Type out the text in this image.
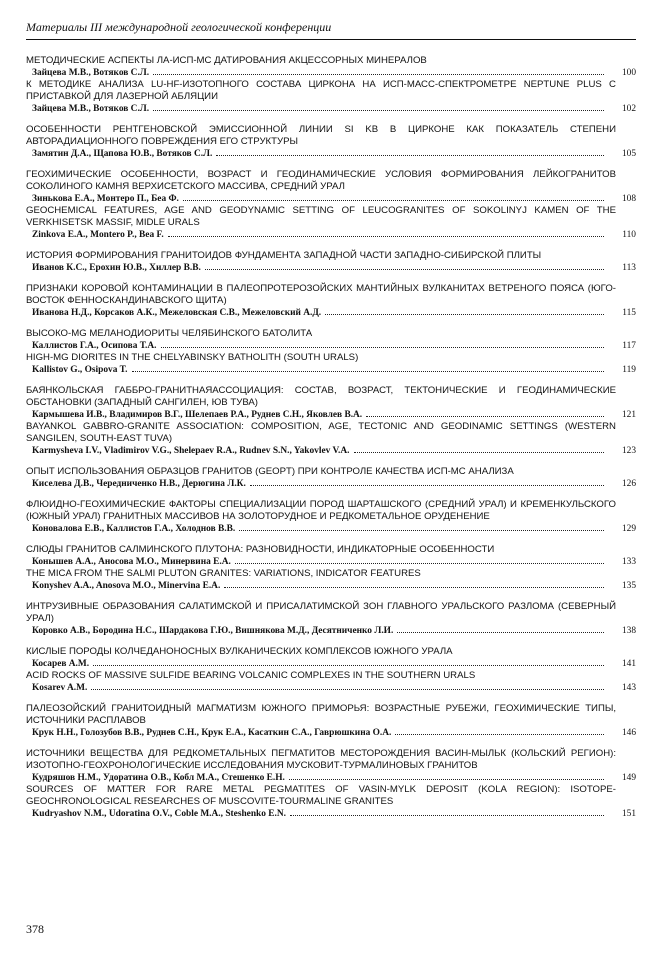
Материалы III международной геологической конференции
МЕТОДИЧЕСКИЕ АСПЕКТЫ ЛА-ИСП-МС ДАТИРОВАНИЯ АКЦЕССОРНЫХ МИНЕРАЛОВ
Зайцева М.В., Вотяков С.Л.	100
К МЕТОДИКЕ АНАЛИЗА LU-HF-ИЗОТОПНОГО СОСТАВА ЦИРКОНА НА ИСП-МАСС-СПЕКТРОМЕТРЕ NEPTUNE PLUS С ПРИСТАВКОЙ ДЛЯ ЛАЗЕРНОЙ АБЛЯЦИИ
Зайцева М.В., Вотяков С.Л.	102
ОСОБЕННОСТИ РЕНТГЕНОВСКОЙ ЭМИССИОННОЙ ЛИНИИ SI KΒ В ЦИРКОНЕ КАК ПОКАЗАТЕЛЬ СТЕПЕНИ АВТОРАДИАЦИОННОГО ПОВРЕЖДЕНИЯ ЕГО СТРУКТУРЫ
Замятин Д.А., Щапова Ю.В., Вотяков С.Л.	105
ГЕОХИМИЧЕСКИЕ ОСОБЕННОСТИ, ВОЗРАСТ И ГЕОДИНАМИЧЕСКИЕ УСЛОВИЯ ФОРМИРОВАНИЯ ЛЕЙКОГРАНИТОВ СОКОЛИНОГО КАМНЯ ВЕРХИСЕТСКОГО МАССИВА, СРЕДНИЙ УРАЛ
Зинькова Е.А., Монтеро П., Беа Ф.	108
GEOCHEMICAL FEATURES, AGE AND GEODYNAMIC SETTING OF LEUCOGRANITES OF SOKOLINYJ KAMEN OF THE VERKHISETSK MASSIF, MIDLE URALS
Zinkova E.A., Montero P., Bea F.	110
ИСТОРИЯ ФОРМИРОВАНИЯ ГРАНИТОИДОВ ФУНДАМЕНТА ЗАПАДНОЙ ЧАСТИ ЗАПАДНО-СИБИРСКОЙ ПЛИТЫ
Иванов К.С., Ерохин Ю.В., Хиллер В.В.	113
ПРИЗНАКИ КОРОВОЙ КОНТАМИНАЦИИ В ПАЛЕОПРОТЕРОЗОЙСКИХ МАНТИЙНЫХ ВУЛКАНИТАХ ВЕТРЕНОГО ПОЯСА (ЮГО-ВОСТОК ФЕННОСКАНДИНАВСКОГО ЩИТА)
Иванова Н.Д., Корсаков А.К., Межеловская С.В., Межеловский А.Д.	115
ВЫСОКО-MG МЕЛАНОДИОРИТЫ ЧЕЛЯБИНСКОГО БАТОЛИТА
Каллистов Г.А., Осипова Т.А.	117
HIGH-MG DIORITES IN THE CHELYABINSKY BATHOLITH (SOUTH URALS)
Kallistov G., Osipova T.	119
БАЯНКОЛЬСКАЯ ГАББРО-ГРАНИТНАЯАССОЦИАЦИЯ: СОСТАВ, ВОЗРАСТ, ТЕКТОНИЧЕСКИЕ И ГЕОДИНАМИЧЕСКИЕ ОБСТАНОВКИ (ЗАПАДНЫЙ САНГИЛЕН, ЮВ ТУВА)
Кармышева И.В., Владимиров В.Г., Шелепаев Р.А., Руднев С.Н., Яковлев В.А.	121
BAYANKOL GABBRO-GRANITE ASSOCIATION: COMPOSITION, AGE, TECTONIC AND GEODINAMIC SETTINGS (WESTERN SANGILEN, SOUTH-EAST TUVA)
Karmysheva I.V., Vladimirov V.G., Shelepaev R.A., Rudnev S.N., Yakovlev V.A.	123
ОПЫТ ИСПОЛЬЗОВАНИЯ ОБРАЗЦОВ ГРАНИТОВ (GEOPT) ПРИ КОНТРОЛЕ КАЧЕСТВА ИСП-МС АНАЛИЗА
Киселева Д.В., Чередниченко Н.В., Дерюгина Л.К.	126
ФЛЮИДНО-ГЕОХИМИЧЕСКИЕ ФАКТОРЫ СПЕЦИАЛИЗАЦИИ ПОРОД ШАРТАШСКОГО (СРЕДНИЙ УРАЛ) И КРЕМЕНКУЛЬСКОГО (ЮЖНЫЙ УРАЛ) ГРАНИТНЫХ МАССИВОВ НА ЗОЛОТОРУДНОЕ И РЕДКОМЕТАЛЬНОЕ ОРУДЕНЕНИЕ
Коновалова Е.В., Каллистов Г.А., Холоднов В.В.	129
СЛЮДЫ ГРАНИТОВ САЛМИНСКОГО ПЛУТОНА: РАЗНОВИДНОСТИ, ИНДИКАТОРНЫЕ ОСОБЕННОСТИ
Конышев А.А., Аносова М.О., Минервина Е.А.	133
THE MICA FROM THE SALMI PLUTON GRANITES: VARIATIONS, INDICATOR FEATURES
Konyshev A.A., Anosova M.O., Minervina E.A.	135
ИНТРУЗИВНЫЕ ОБРАЗОВАНИЯ САЛАТИМСКОЙ И ПРИСАЛАТИМСКОЙ ЗОН ГЛАВНОГО УРАЛЬСКОГО РАЗЛОМА (СЕВЕРНЫЙ УРАЛ)
Коровко А.В., Бородина Н.С., Шардакова Г.Ю., Вишнякова М.Д., Десятниченко Л.И.	138
КИСЛЫЕ ПОРОДЫ КОЛЧЕДАНОНОСНЫХ ВУЛКАНИЧЕСКИХ КОМПЛЕКСОВ ЮЖНОГО УРАЛА
Косарев А.М.	141
ACID ROCKS OF MASSIVE SULFIDE BEARING VOLCANIC COMPLEXES IN THE SOUTHERN URALS
Kosarev A.M.	143
ПАЛЕОЗОЙСКИЙ ГРАНИТОИДНЫЙ МАГМАТИЗМ ЮЖНОГО ПРИМОРЬЯ: ВОЗРАСТНЫЕ РУБЕЖИ, ГЕОХИМИЧЕСКИЕ ТИПЫ, ИСТОЧНИКИ РАСПЛАВОВ
Крук Н.Н., Голозубов В.В., Руднев С.Н., Крук Е.А., Касаткин С.А., Гаврюшкина О.А.	146
ИСТОЧНИКИ ВЕЩЕСТВА ДЛЯ РЕДКОМЕТАЛЬНЫХ ПЕГМАТИТОВ МЕСТОРОЖДЕНИЯ ВАСИН-МЫЛЬК (КОЛЬСКИЙ РЕГИОН): ИЗОТОПНО-ГЕОХРОНОЛОГИЧЕСКИЕ ИССЛЕДОВАНИЯ МУСКОВИТ-ТУРМАЛИНОВЫХ ГРАНИТОВ
Кудряшов Н.М., Удоратина О.В., Кобл М.А., Стешенко Е.Н.	149
SOURCES OF MATTER FOR RARE METAL PEGMATITES OF VASIN-MYLK DEPOSIT (KOLA REGION): ISOTOPE-GEOCHRONOLOGICAL RESEARCHES OF MUSCOVITE-TOURMALINE GRANITES
Kudryashov N.M., Udoratina O.V., Coble M.A., Steshenko E.N.	151
378
